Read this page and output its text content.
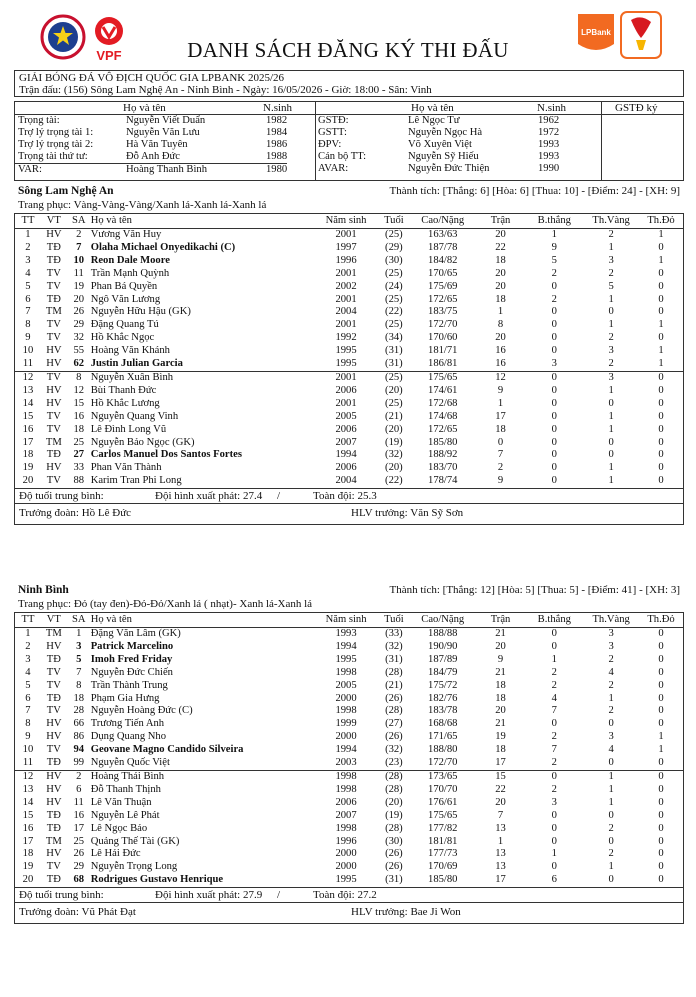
VPF
LPBank
DANH SÁCH ĐĂNG KÝ THI ĐẤU
GIẢI BÓNG ĐÁ VÔ ĐỊCH QUỐC GIA LPBANK 2025/26
Trận đấu: (156) Sông Lam Nghệ An - Ninh Bình - Ngày: 16/05/2026 - Giờ: 18:00 - Sân: Vinh
Họ và tên	N.sinh	Họ và tên	N.sinh	GSTĐ ký
Trọng tài:	Nguyễn Viết Duẩn	1982
Trợ lý trọng tài 1:	Nguyễn Văn Lưu	1984
Trợ lý trọng tài 2:	Hà Văn Tuyên	1986
Trọng tài thứ tư:	Đỗ Anh Đức	1988
VAR:	Hoàng Thanh Bình	1980
GSTĐ:	Lê Ngọc Tư	1962
GSTT:	Nguyễn Ngọc Hà	1972
ĐPV:	Võ Xuyên Việt	1993
Cán bộ TT:	Nguyễn Sỹ Hiếu	1993
AVAR:	Nguyễn Đức Thiện	1990
Sông Lam Nghệ An	Thành tích: [Thắng: 6] [Hòa: 6] [Thua: 10] - [Điểm: 24] - [XH: 9]
Trang phục: Vàng-Vàng-Vàng/Xanh lá-Xanh lá-Xanh lá
TT	VT	SA	Họ và tên	Năm sinh	Tuổi	Cao/Nặng	Trận	B.thắng	Th.Vàng	Th.Đỏ
1	HV	2	Vương Văn Huy	2001	(25)	163/63	20	1	2	1
2	TĐ	7	Olaha Michael Onyedikachi (C)	1997	(29)	187/78	22	9	1	0
3	TĐ	10	Reon Dale Moore	1996	(30)	184/82	18	5	3	1
4	TV	11	Trần Mạnh Quỳnh	2001	(25)	170/65	20	2	2	0
5	TV	19	Phan Bá Quyền	2002	(24)	175/69	20	0	5	0
6	TĐ	20	Ngô Văn Lương	2001	(25)	172/65	18	2	1	0
7	TM	26	Nguyễn Hữu Hậu (GK)	2004	(22)	183/75	1	0	0	0
8	TV	29	Đặng Quang Tú	2001	(25)	172/70	8	0	1	1
9	TV	32	Hồ Khắc Ngọc	1992	(34)	170/60	20	0	2	0
10	HV	55	Hoàng Văn Khánh	1995	(31)	181/71	16	0	3	1
11	HV	62	Justin Julian Garcia	1995	(31)	186/81	16	3	2	1
12	TV	8	Nguyễn Xuân Bình	2001	(25)	175/65	12	0	3	0
13	HV	12	Bùi Thanh Đức	2006	(20)	174/61	9	0	1	0
14	HV	15	Hồ Khắc Lương	2001	(25)	172/68	1	0	0	0
15	TV	16	Nguyễn Quang Vinh	2005	(21)	174/68	17	0	1	0
16	TV	18	Lê Đình Long Vũ	2006	(20)	172/65	18	0	1	0
17	TM	25	Nguyễn Bảo Ngọc (GK)	2007	(19)	185/80	0	0	0	0
18	TĐ	27	Carlos Manuel Dos Santos Fortes	1994	(32)	188/92	7	0	0	0
19	HV	33	Phan Văn Thành	2006	(20)	183/70	2	0	1	0
20	TV	88	Karim Tran Phi Long	2004	(22)	178/74	9	0	1	0
Độ tuổi trung bình:	Đội hình xuất phát: 27.4 /	Toàn đội: 25.3
Trưởng đoàn: Hồ Lê Đức	HLV trưởng: Văn Sỹ Sơn
Ninh Bình	Thành tích: [Thắng: 12] [Hòa: 5] [Thua: 5] - [Điểm: 41] - [XH: 3]
Trang phục: Đỏ (tay đen)-Đỏ-Đỏ/Xanh lá ( nhạt)- Xanh lá-Xanh lá
TT	VT	SA	Họ và tên	Năm sinh	Tuổi	Cao/Nặng	Trận	B.thắng	Th.Vàng	Th.Đỏ
1	TM	1	Đặng Văn Lâm (GK)	1993	(33)	188/88	21	0	3	0
2	HV	3	Patrick Marcelino	1994	(32)	190/90	20	0	3	0
3	TĐ	5	Imoh Fred Friday	1995	(31)	187/89	9	1	2	0
4	TV	7	Nguyễn Đức Chiến	1998	(28)	184/79	21	2	4	0
5	TV	8	Trần Thành Trung	2005	(21)	175/72	18	2	2	0
6	TĐ	18	Phạm Gia Hưng	2000	(26)	182/76	18	4	1	0
7	TV	28	Nguyễn Hoàng Đức (C)	1998	(28)	183/78	20	7	2	0
8	HV	66	Trương Tiến Anh	1999	(27)	168/68	21	0	0	0
9	HV	86	Dụng Quang Nho	2000	(26)	171/65	19	2	3	1
10	TV	94	Geovane Magno Candido Silveira	1994	(32)	188/80	18	7	4	1
11	TĐ	99	Nguyễn Quốc Việt	2003	(23)	172/70	17	2	0	0
12	HV	2	Hoàng Thái Bình	1998	(28)	173/65	15	0	1	0
13	HV	6	Đỗ Thanh Thịnh	1998	(28)	170/70	22	2	1	0
14	HV	11	Lê Văn Thuận	2006	(20)	176/61	20	3	1	0
15	TĐ	16	Nguyễn Lê Phát	2007	(19)	175/65	7	0	0	0
16	TĐ	17	Lê Ngọc Bảo	1998	(28)	177/82	13	0	2	0
17	TM	25	Quảng Thế Tài (GK)	1996	(30)	181/81	1	0	0	0
18	HV	26	Lê Hải Đức	2000	(26)	177/73	13	1	2	0
19	TV	29	Nguyễn Trọng Long	2000	(26)	170/69	13	0	1	0
20	TĐ	68	Rodrigues Gustavo Henrique	1995	(31)	185/80	17	6	0	0
Độ tuổi trung bình:	Đội hình xuất phát: 27.9 /	Toàn đội: 27.2
Trưởng đoàn: Vũ Phát Đạt	HLV trưởng: Bae Ji Won
